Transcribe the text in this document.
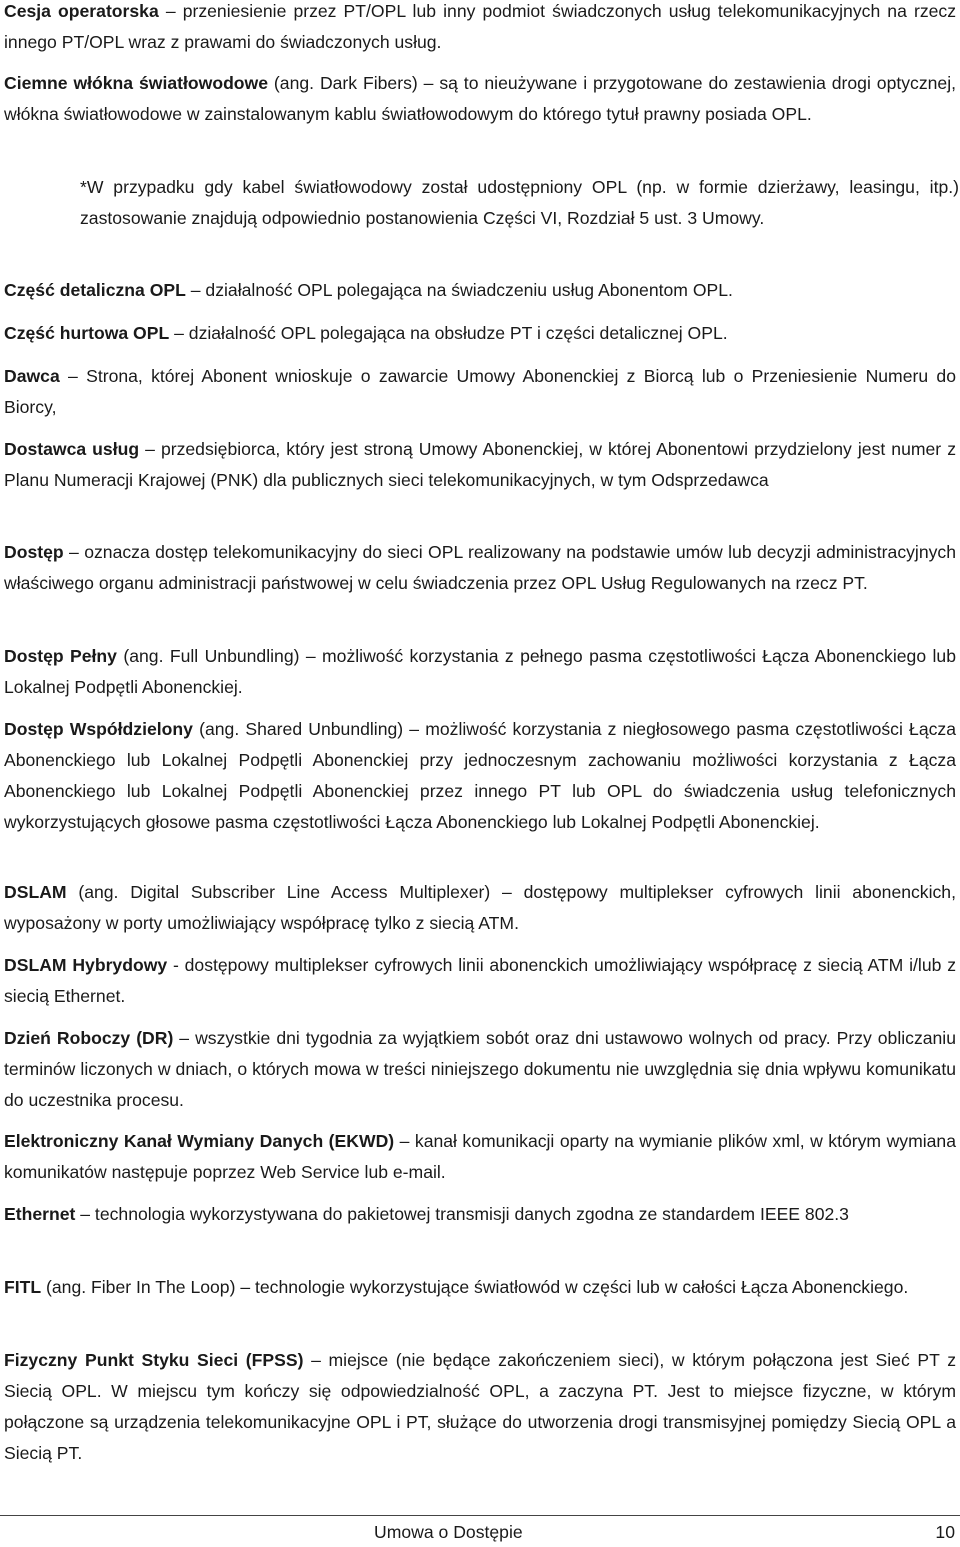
Cesja operatorska – przeniesienie przez PT/OPL lub inny podmiot świadczonych usług telekomunikacyjnych na rzecz innego PT/OPL wraz z prawami do świadczonych usług.

Ciemne włókna światłowodowe (ang. Dark Fibers) – są to nieużywane i przygotowane do zestawienia drogi optycznej, włókna światłowodowe w zainstalowanym kablu światłowodowym do którego tytuł prawny posiada OPL.

*W przypadku gdy kabel światłowodowy został udostępniony OPL (np. w formie dzierżawy, leasingu, itp.) zastosowanie znajdują odpowiednio postanowienia Części VI, Rozdział 5 ust. 3 Umowy.

Część detaliczna OPL – działalność OPL polegająca na świadczeniu usług Abonentom OPL.

Część hurtowa OPL – działalność OPL polegająca na obsłudze PT i części detalicznej OPL.

Dawca – Strona, której Abonent wnioskuje o zawarcie Umowy Abonenckiej z Biorcą lub o Przeniesienie Numeru do Biorcy,

Dostawca usług – przedsiębiorca, który jest stroną Umowy Abonenckiej, w której Abonentowi przydzielony jest numer z Planu Numeracji Krajowej (PNK) dla publicznych sieci telekomunikacyjnych, w tym Odsprzedawca

Dostęp – oznacza dostęp telekomunikacyjny do sieci OPL realizowany na podstawie umów lub decyzji administracyjnych właściwego organu administracji państwowej w celu świadczenia przez OPL Usług Regulowanych na rzecz PT.

Dostęp Pełny (ang. Full Unbundling) – możliwość korzystania z pełnego pasma częstotliwości Łącza Abonenckiego lub Lokalnej Podpętli Abonenckiej.

Dostęp Współdzielony (ang. Shared Unbundling) – możliwość korzystania z niegłosowego pasma częstotliwości Łącza Abonenckiego lub Lokalnej Podpętli Abonenckiej przy jednoczesnym zachowaniu możliwości korzystania z Łącza Abonenckiego lub Lokalnej Podpętli Abonenckiej przez innego PT lub OPL do świadczenia usług telefonicznych wykorzystujących głosowe pasma częstotliwości Łącza Abonenckiego lub Lokalnej Podpętli Abonenckiej.

DSLAM (ang. Digital Subscriber Line Access Multiplexer) – dostępowy multiplekser cyfrowych linii abonenckich, wyposażony w porty umożliwiający współpracę tylko z siecią ATM.

DSLAM Hybrydowy - dostępowy multiplekser cyfrowych linii abonenckich umożliwiający współpracę z siecią ATM i/lub z siecią Ethernet.

Dzień Roboczy (DR) – wszystkie dni tygodnia za wyjątkiem sobót oraz dni ustawowo wolnych od pracy. Przy obliczaniu terminów liczonych w dniach, o których mowa w treści niniejszego dokumentu nie uwzględnia się dnia wpływu komunikatu do uczestnika procesu.

Elektroniczny Kanał Wymiany Danych (EKWD) – kanał komunikacji oparty na wymianie plików xml, w którym wymiana komunikatów następuje poprzez Web Service lub e-mail.

Ethernet – technologia wykorzystywana do pakietowej transmisji danych zgodna ze standardem IEEE 802.3

FITL (ang. Fiber In The Loop) – technologie wykorzystujące światłowód w części lub w całości Łącza Abonenckiego.

Fizyczny Punkt Styku Sieci (FPSS) – miejsce (nie będące zakończeniem sieci), w którym połączona jest Sieć PT z Siecią OPL. W miejscu tym kończy się odpowiedzialność OPL, a zaczyna PT. Jest to miejsce fizyczne, w którym połączone są urządzenia telekomunikacyjne OPL i PT, służące do utworzenia drogi transmisyjnej pomiędzy Siecią OPL a Siecią PT.

Umowa o Dostępie	10
